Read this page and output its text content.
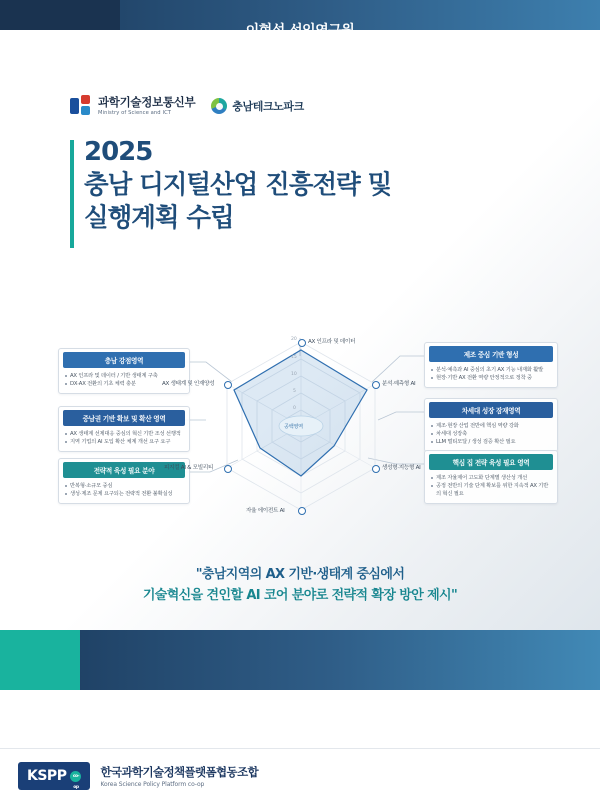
과학기술정보통신부
Ministry of Science and ICT	충남테크노파크
2025
충남 디지털산업 진흥전략 및
실행계획 수립
충남 강점영역
AX 인프라 및 데이터 / 기반 생태계 구축
DX·AX 전환의 기초 체력 충분
중남권 기반 확보 및 확산 영역
AX 생태계 선제대응 중심의 혁신 기반 조성 선행적
지역 기업의 AI 도입 확산 체계 개선 요구 요구
전략적 육성 필요 분야
반복형·소규모 중심
생성·제조 문제 요구되는 전략적 전환 불확실성
제조 중심 기반 형성
분석·예측과 AI 중심의 초기 AX 기능 내재화 활발
현장·기반 AX 전환 역량 안정적으로 정착 중
차세대 성장 잠재영역
제조·현장 산업 전반에 핵심 역량 강화
차세대 성장축
LLM 멀티모달 / 생성 검증 확산 필요
핵심 집 전략 육성 필요 영역
제조 자율제어 고도화 단계별 생산성 개선
공정 전반의 기술 단계 확보를 위한 지속적 AX 기반의 혁신 필요
20
15
10
5
0
공백영역
AX 인프라 및 데이터
분석·예측형 AI
생성형·지능형 AI
자율 에이전트 AI
피지컬 AI & 모빌리티
AX 생태계 및 인재양성
"충남지역의 AX 기반·생태계 중심에서
기술혁신을 견인할 AI 코어 분야로 전략적 확장 방안 제시"
이현석 선임연구원
KSPP	co-op
한국과학기술정책플랫폼협동조합
Korea Science Policy Platform co-op
